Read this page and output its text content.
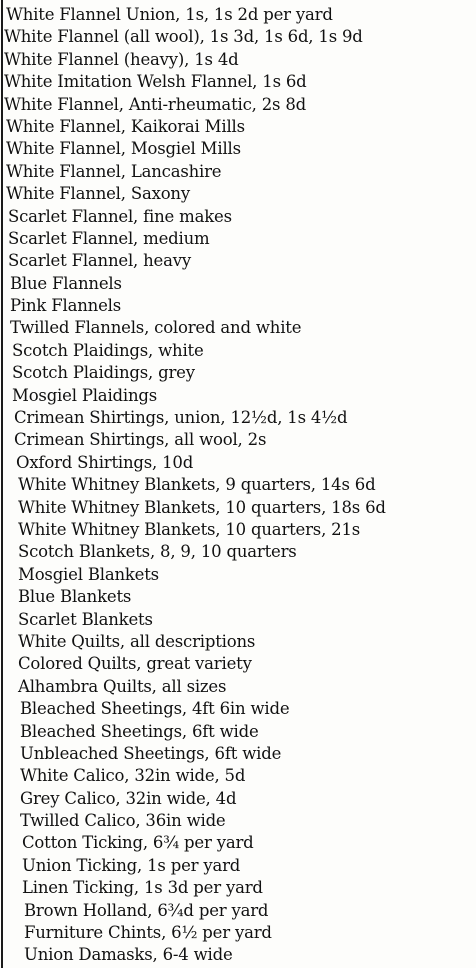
White Flannel Union, 1s, 1s 2d per yard
White Flannel (all wool), 1s 3d, 1s 6d, 1s 9d
White Flannel (heavy), 1s 4d
White Imitation Welsh Flannel, 1s 6d
White Flannel, Anti-rheumatic, 2s 8d
White Flannel, Kaikorai Mills
White Flannel, Mosgiel Mills
White Flannel, Lancashire
White Flannel, Saxony
Scarlet Flannel, fine makes
Scarlet Flannel, medium
Scarlet Flannel, heavy
Blue Flannels
Pink Flannels
Twilled Flannels, colored and white
Scotch Plaidings, white
Scotch Plaidings, grey
Mosgiel Plaidings
Crimean Shirtings, union, 12½d, 1s 4½d
Crimean Shirtings, all wool, 2s
Oxford Shirtings, 10d
White Whitney Blankets, 9 quarters, 14s 6d
White Whitney Blankets, 10 quarters, 18s 6d
White Whitney Blankets, 10 quarters, 21s
Scotch Blankets, 8, 9, 10 quarters
Mosgiel Blankets
Blue Blankets
Scarlet Blankets
White Quilts, all descriptions
Colored Quilts, great variety
Alhambra Quilts, all sizes
Bleached Sheetings, 4ft 6in wide
Bleached Sheetings, 6ft wide
Unbleached Sheetings, 6ft wide
White Calico, 32in wide, 5d
Grey Calico, 32in wide, 4d
Twilled Calico, 36in wide
Cotton Ticking, 6¾ per yard
Union Ticking, 1s per yard
Linen Ticking, 1s 3d per yard
Brown Holland, 6¾d per yard
Furniture Chints, 6½ per yard
Union Damasks, 6-4 wide
